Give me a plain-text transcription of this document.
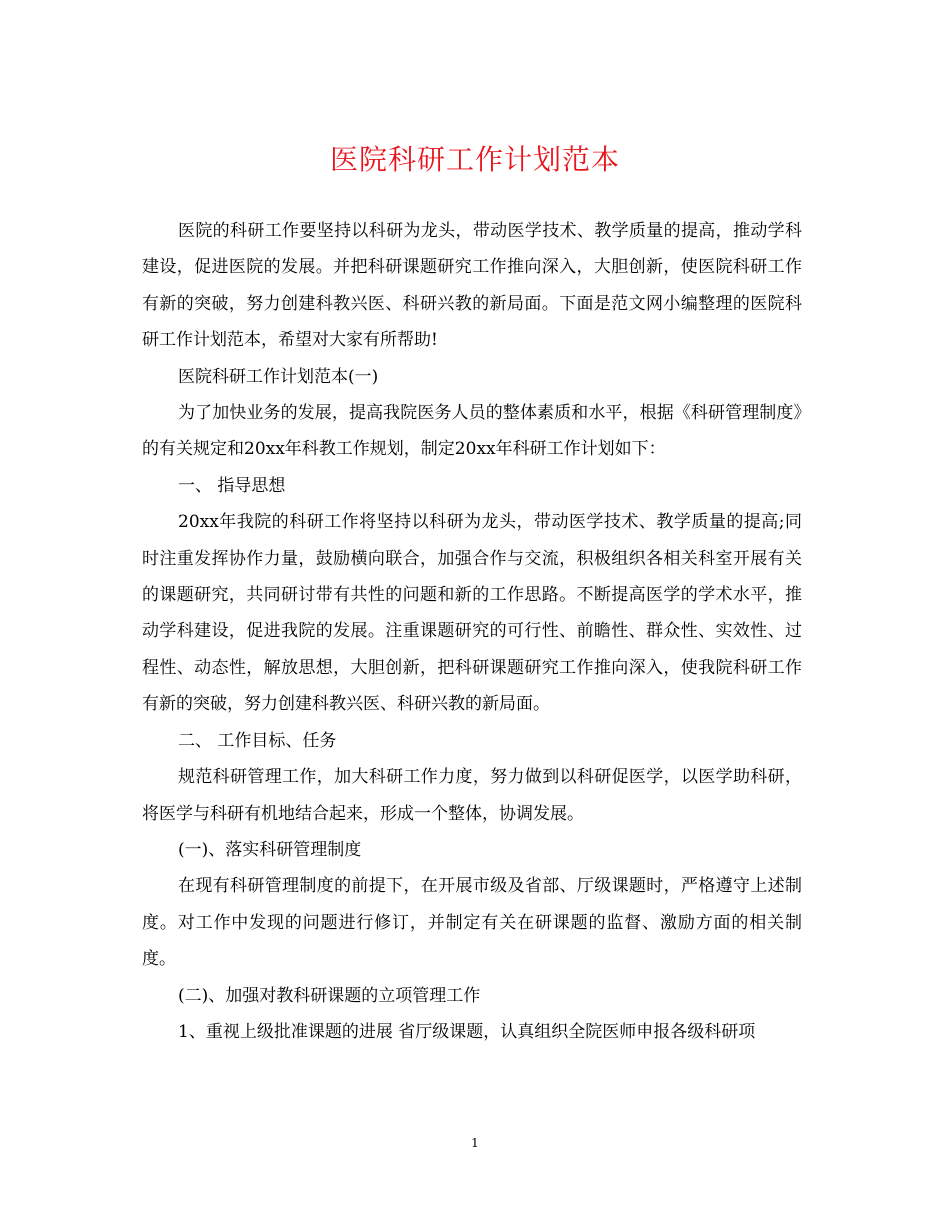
医院科研工作计划范本

医院的科研工作要坚持以科研为龙头，带动医学技术、教学质量的提高，推动学科建设，促进医院的发展。并把科研课题研究工作推向深入，大胆创新，使医院科研工作有新的突破，努力创建科教兴医、科研兴教的新局面。下面是范文网小编整理的医院科研工作计划范本，希望对大家有所帮助!

医院科研工作计划范本(一)

为了加快业务的发展，提高我院医务人员的整体素质和水平，根据《科研管理制度》的有关规定和20xx年科教工作规划，制定20xx年科研工作计划如下：

一、 指导思想

20xx年我院的科研工作将坚持以科研为龙头，带动医学技术、教学质量的提高;同时注重发挥协作力量，鼓励横向联合，加强合作与交流，积极组织各相关科室开展有关的课题研究，共同研讨带有共性的问题和新的工作思路。不断提高医学的学术水平，推动学科建设，促进我院的发展。注重课题研究的可行性、前瞻性、群众性、实效性、过程性、动态性，解放思想，大胆创新，把科研课题研究工作推向深入，使我院科研工作有新的突破，努力创建科教兴医、科研兴教的新局面。

二、 工作目标、任务

规范科研管理工作，加大科研工作力度，努力做到以科研促医学，以医学助科研，将医学与科研有机地结合起来，形成一个整体，协调发展。

(一)、落实科研管理制度

在现有科研管理制度的前提下，在开展市级及省部、厅级课题时，严格遵守上述制度。对工作中发现的问题进行修订，并制定有关在研课题的监督、激励方面的相关制度。

(二)、加强对教科研课题的立项管理工作

1、重视上级批准课题的进展 省厅级课题，认真组织全院医师申报各级科研项

1
